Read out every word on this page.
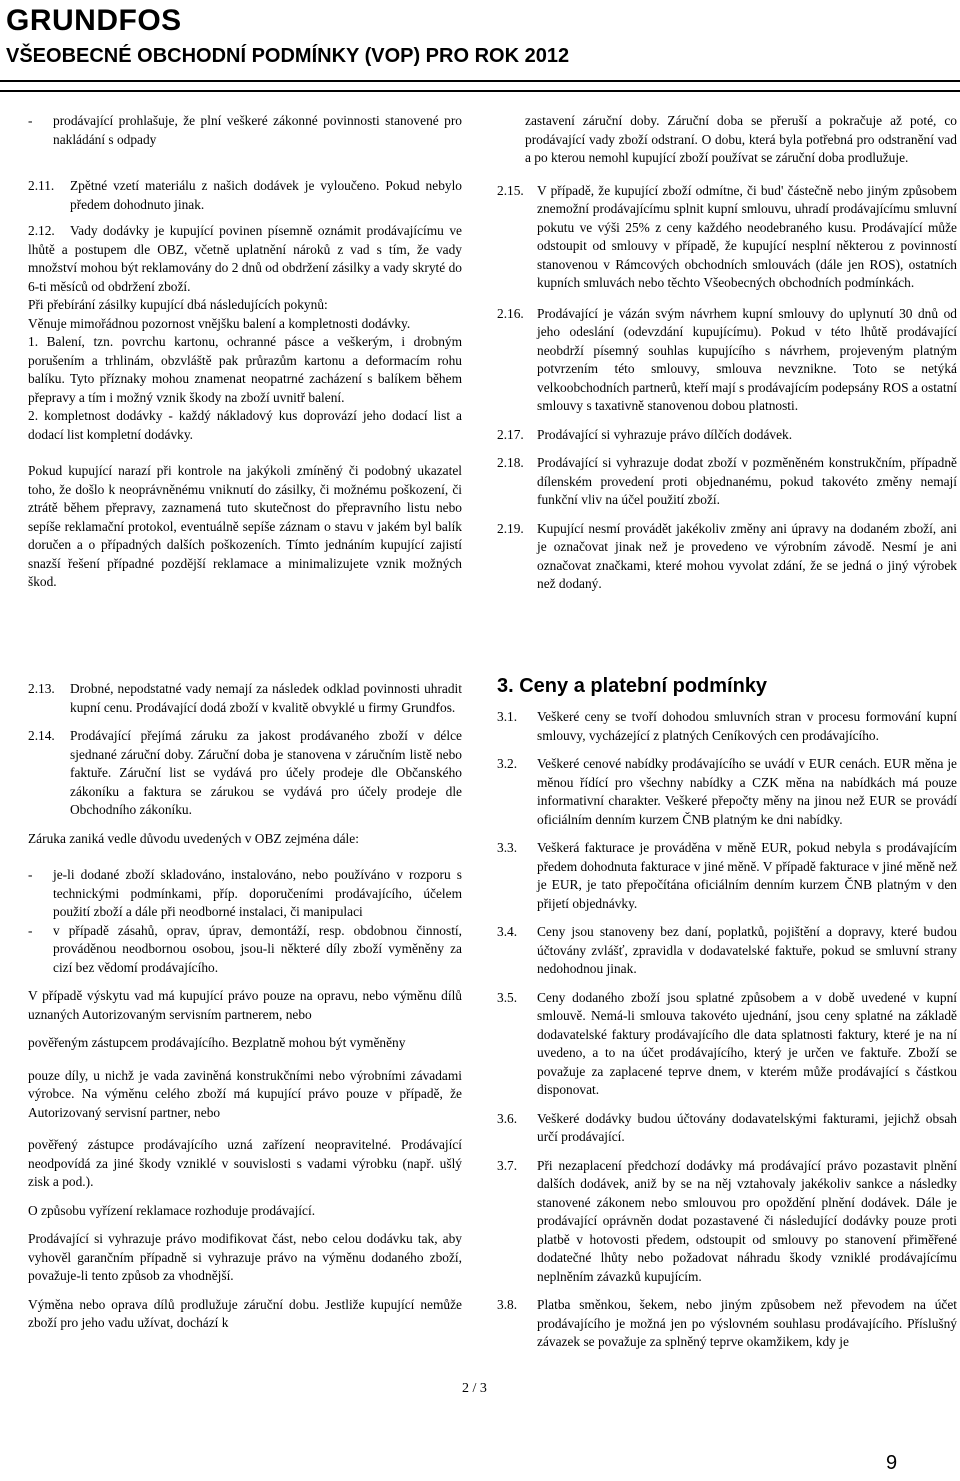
GRUNDFOS
VŠEOBECNÉ OBCHODNÍ PODMÍNKY (VOP) PRO ROK 2012
-	prodávající prohlašuje, že plní veškeré zákonné povinnosti stanovené pro nakládání s odpady
2.11.	Zpětné vzetí materiálu z našich dodávek je vyloučeno. Pokud nebylo předem dohodnuto jinak.
2.12.	Vady dodávky je kupující povinen písemně oznámit prodávajícímu ve lhůtě a postupem dle OBZ, včetně uplatnění nároků z vad s tím, že vady množství mohou být reklamovány do 2 dnů od obdržení zásilky a vady skryté do 6-ti měsíců od obdržení zboží.

Při přebírání zásilky kupující dbá následujících pokynů:

Věnuje mimořádnou pozornost vnějšku balení a kompletnosti dodávky.

1. Balení, tzn. povrchu kartonu, ochranné pásce a veškerým, i drobným porušením a trhlinám, obzvláště pak průrazům kartonu a deformacím rohu balíku. Tyto příznaky mohou znamenat neopatrné zacházení s balíkem během přepravy a tím i možný vznik škody na zboží uvnitř balení.

2. kompletnost dodávky - každý nákladový kus doprovází jeho dodací list a dodací list kompletní dodávky.

Pokud kupující narazí při kontrole na jakýkoli zmíněný či podobný ukazatel toho, že došlo k neoprávněnému vniknutí do zásilky, či možnému poškození, či ztrátě během přepravy, zaznamená tuto skutečnost do přepravního listu nebo sepíše reklamační protokol, eventuálně sepíše záznam o stavu v jakém byl balík doručen a o případných dalších poškozeních. Tímto jednáním kupující zajistí snazší řešení případné pozdější reklamace a minimalizujete vznik možných škod.

zastavení záruční doby. Záruční doba se přeruší a pokračuje až poté, co prodávající vady zboží odstraní. O dobu, která byla potřebná pro odstranění vad a po kterou nemohl kupující zboží používat se záruční doba prodlužuje.

2.15. V případě, že kupující zboží odmítne, či bud' částečně nebo jiným způsobem znemožní prodávajícímu splnit kupní smlouvu, uhradí prodávajícímu smluvní pokutu ve výši 25% z ceny každého neodebraného kusu. Prodávající může odstoupit od smlouvy v případě, že kupující nesplní některou z povinností stanovenou v Rámcových obchodních smlouvách (dále jen ROS), ostatních kupních smluvách nebo těchto Všeobecných obchodních podmínkách.
2.16. Prodávající je vázán svým návrhem kupní smlouvy do uplynutí 30 dnů od jeho odeslání (odevzdání kupujícímu). Pokud v této lhůtě prodávající neobdrží písemný souhlas kupujícího s návrhem, projeveným platným potvrzením této smlouvy, smlouva nevznikne. Toto se netýká velkoobchodních partnerů, kteří mají s prodávajícím podepsány ROS a ostatní smlouvy s taxativně stanovenou dobou platnosti.
2.17. Prodávající si vyhrazuje právo dílčích dodávek.
2.18. Prodávající si vyhrazuje dodat zboží v pozměněném konstrukčním, případně dílenském provedení proti objednanému, pokud takovéto změny nemají funkční vliv na účel použití zboží.
2.19. Kupující nesmí provádět jakékoliv změny ani úpravy na dodaném zboží, ani je označovat jinak než je provedeno ve výrobním závodě. Nesmí je ani označovat značkami, které mohou vyvolat zdání, že se jedná o jiný výrobek než dodaný.
2.13.	Drobné, nepodstatné vady nemají za následek odklad povinnosti uhradit kupní cenu. Prodávající dodá zboží v kvalitě obvyklé u firmy Grundfos.
2.14.	Prodávající přejímá záruku za jakost prodávaného zboží v délce sjednané záruční doby. Záruční doba je stanovena v záručním listě nebo faktuře. Záruční list se vydává pro účely prodeje dle Občanského zákoníku a faktura se zárukou se vydává pro účely prodeje dle Obchodního zákoníku.

Záruka zaniká vedle důvodu uvedených v OBZ zejména dále:

-	je-li dodané zboží skladováno, instalováno, nebo používáno v rozporu s technickými podmínkami, příp. doporučeními prodávajícího, účelem použití zboží a dále při neodborné instalaci, či manipulaci
-	v případě zásahů, oprav, úprav, demontáží, resp. obdobnou činností, prováděnou neodbornou osobou, jsou-li některé díly zboží vyměněny za cizí bez vědomí prodávajícího.

V případě výskytu vad má kupující právo pouze na opravu, nebo výměnu dílů uznaných Autorizovaným servisním partnerem, nebo

pověřeným zástupcem prodávajícího. Bezplatně mohou být vyměněny

pouze díly, u nichž je vada zaviněná konstrukčními nebo výrobními závadami výrobce. Na výměnu celého zboží má kupující právo pouze v případě, že Autorizovaný servisní partner, nebo

pověřený zástupce prodávajícího uzná zařízení neopravitelné. Prodávající neodpovídá za jiné škody vzniklé v souvislosti s vadami výrobku (např. ušlý zisk a pod.).

O způsobu vyřízení reklamace rozhoduje prodávající.

Prodávající si vyhrazuje právo modifikovat část, nebo celou dodávku tak, aby vyhověl garančním případně si vyhrazuje právo na výměnu dodaného zboží, považuje-li tento způsob za vhodnější.

Výměna nebo oprava dílů prodlužuje záruční dobu. Jestliže kupující nemůže zboží pro jeho vadu užívat, dochází k

3. Ceny a platební podmínky
3.1.	Veškeré ceny se tvoří dohodou smluvních stran v procesu formování kupní smlouvy, vycházející z platných Ceníkových cen prodávajícího.
3.2.	Veškeré cenové nabídky prodávajícího se uvádí v EUR cenách. EUR měna je měnou řídící pro všechny nabídky a CZK měna na nabídkách má pouze informativní charakter. Veškeré přepočty měny na jinou než EUR se provádí oficiálním denním kurzem ČNB platným ke dni nabídky.
3.3.	Veškerá fakturace je prováděna v měně EUR, pokud nebyla s prodávajícím předem dohodnuta fakturace v jiné měně. V případě fakturace v jiné měně než je EUR, je tato přepočítána oficiálním denním kurzem ČNB platným v den přijetí objednávky.
3.4.	Ceny jsou stanoveny bez daní, poplatků, pojištění a dopravy, které budou účtovány zvlášť, zpravidla v dodavatelské faktuře, pokud se smluvní strany nedohodnou jinak.
3.5.	Ceny dodaného zboží jsou splatné způsobem a v době uvedené v kupní smlouvě. Nemá-li smlouva takovéto ujednání, jsou ceny splatné na základě dodavatelské faktury prodávajícího dle data splatnosti faktury, které je na ní uvedeno, a to na účet prodávajícího, který je určen ve faktuře. Zboží se považuje za zaplacené teprve dnem, v kterém může prodávající s částkou disponovat.
3.6.	Veškeré dodávky budou účtovány dodavatelskými fakturami, jejichž obsah určí prodávající.
3.7.	Při nezaplacení předchozí dodávky má prodávající právo pozastavit plnění dalších dodávek, aniž by se na něj vztahovaly jakékoliv sankce a následky stanovené zákonem nebo smlouvou pro opoždění plnění dodávek. Dále je prodávající oprávněn dodat pozastavené či následující dodávky pouze proti platbě v hotovosti předem, odstoupit od smlouvy po stanovení přiměřené dodatečné lhůty nebo požadovat náhradu škody vzniklé prodávajícímu neplněním závazků kupujícím.
3.8.	Platba směnkou, šekem, nebo jiným způsobem než převodem na účet prodávajícího je možná jen po výslovném souhlasu prodávajícího. Příslušný závazek se považuje za splněný teprve okamžikem, kdy je
2 / 3
9
